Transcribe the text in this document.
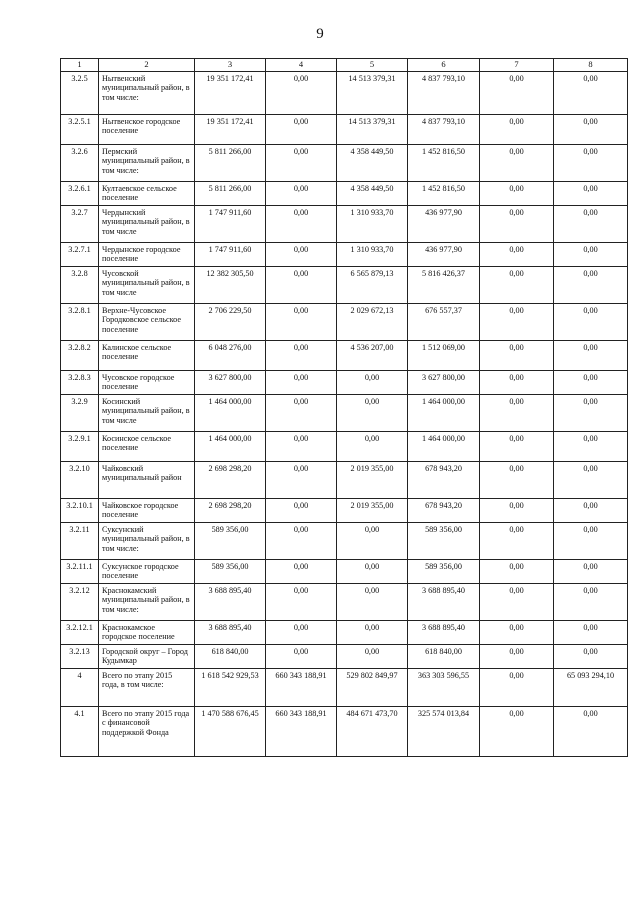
9
1	2	3	4	5	6	7	8
3.2.5	Нытвенский муниципальный район, в том числе:	19 351 172,41	0,00	14 513 379,31	4 837 793,10	0,00	0,00
3.2.5.1	Нытвенское городское поселение	19 351 172,41	0,00	14 513 379,31	4 837 793,10	0,00	0,00
3.2.6	Пермский муниципальный район, в том числе:	5 811 266,00	0,00	4 358 449,50	1 452 816,50	0,00	0,00
3.2.6.1	Култаевское сельское поселение	5 811 266,00	0,00	4 358 449,50	1 452 816,50	0,00	0,00
3.2.7	Чердынский муниципальный район, в том числе	1 747 911,60	0,00	1 310 933,70	436 977,90	0,00	0,00
3.2.7.1	Чердынское городское поселение	1 747 911,60	0,00	1 310 933,70	436 977,90	0,00	0,00
3.2.8	Чусовской муниципальный район, в том числе	12 382 305,50	0,00	6 565 879,13	5 816 426,37	0,00	0,00
3.2.8.1	Верхне-Чусовское Городковское сельское поселение	2 706 229,50	0,00	2 029 672,13	676 557,37	0,00	0,00
3.2.8.2	Калинское сельское поселение	6 048 276,00	0,00	4 536 207,00	1 512 069,00	0,00	0,00
3.2.8.3	Чусовское городское поселение	3 627 800,00	0,00	0,00	3 627 800,00	0,00	0,00
3.2.9	Косинский муниципальный район, в том числе	1 464 000,00	0,00	0,00	1 464 000,00	0,00	0,00
3.2.9.1	Косинское сельское поселение	1 464 000,00	0,00	0,00	1 464 000,00	0,00	0,00
3.2.10	Чайковский муниципальный район	2 698 298,20	0,00	2 019 355,00	678 943,20	0,00	0,00
3.2.10.1	Чайковское городское поселение	2 698 298,20	0,00	2 019 355,00	678 943,20	0,00	0,00
3.2.11	Суксунский муниципальный район, в том числе:	589 356,00	0,00	0,00	589 356,00	0,00	0,00
3.2.11.1	Суксунское городское поселение	589 356,00	0,00	0,00	589 356,00	0,00	0,00
3.2.12	Краснокамский муниципальный район, в том числе:	3 688 895,40	0,00	0,00	3 688 895,40	0,00	0,00
3.2.12.1	Краснокамское городское поселение	3 688 895,40	0,00	0,00	3 688 895,40	0,00	0,00
3.2.13	Городской округ – Город Кудымкар	618 840,00	0,00	0,00	618 840,00	0,00	0,00
4	Всего по этапу 2015 года, в том числе:	1 618 542 929,53	660 343 188,91	529 802 849,97	363 303 596,55	0,00	65 093 294,10
4.1	Всего по этапу 2015 года с финансовой поддержкой Фонда	1 470 588 676,45	660 343 188,91	484 671 473,70	325 574 013,84	0,00	0,00
